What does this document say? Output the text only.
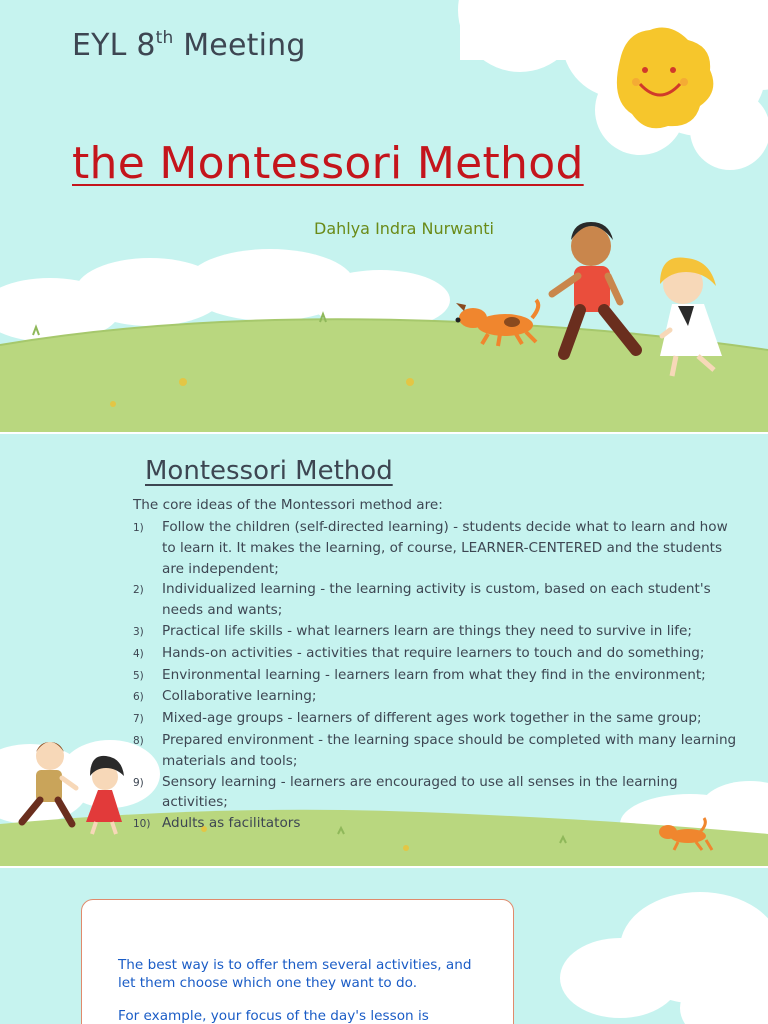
EYL 8th Meeting
the Montessori Method
Dahlya Indra Nurwanti
Montessori Method
The core ideas of the Montessori method are:
1)	Follow the children (self-directed learning) - students decide what to learn and how to learn it. It makes the learning, of course, LEARNER-CENTERED and the students are independent;
2)	Individualized learning - the learning activity is custom, based on each student's needs and wants;
3)	Practical life skills - what learners learn are things they need to survive in life;
4)	Hands-on activities - activities that require learners to touch and do something;
5)	Environmental learning - learners learn from what they find in the environment;
6)	Collaborative learning;
7)	Mixed-age groups - learners of different ages work together in the same group;
8)	Prepared environment - the learning space should be completed with many learning materials and tools;
9)	Sensory learning - learners are encouraged to use all senses in the learning activities;
10) Adults as facilitators

The best way is to offer them several activities, and let them choose which one they want to do.

For example, your focus of the day's lesson is
